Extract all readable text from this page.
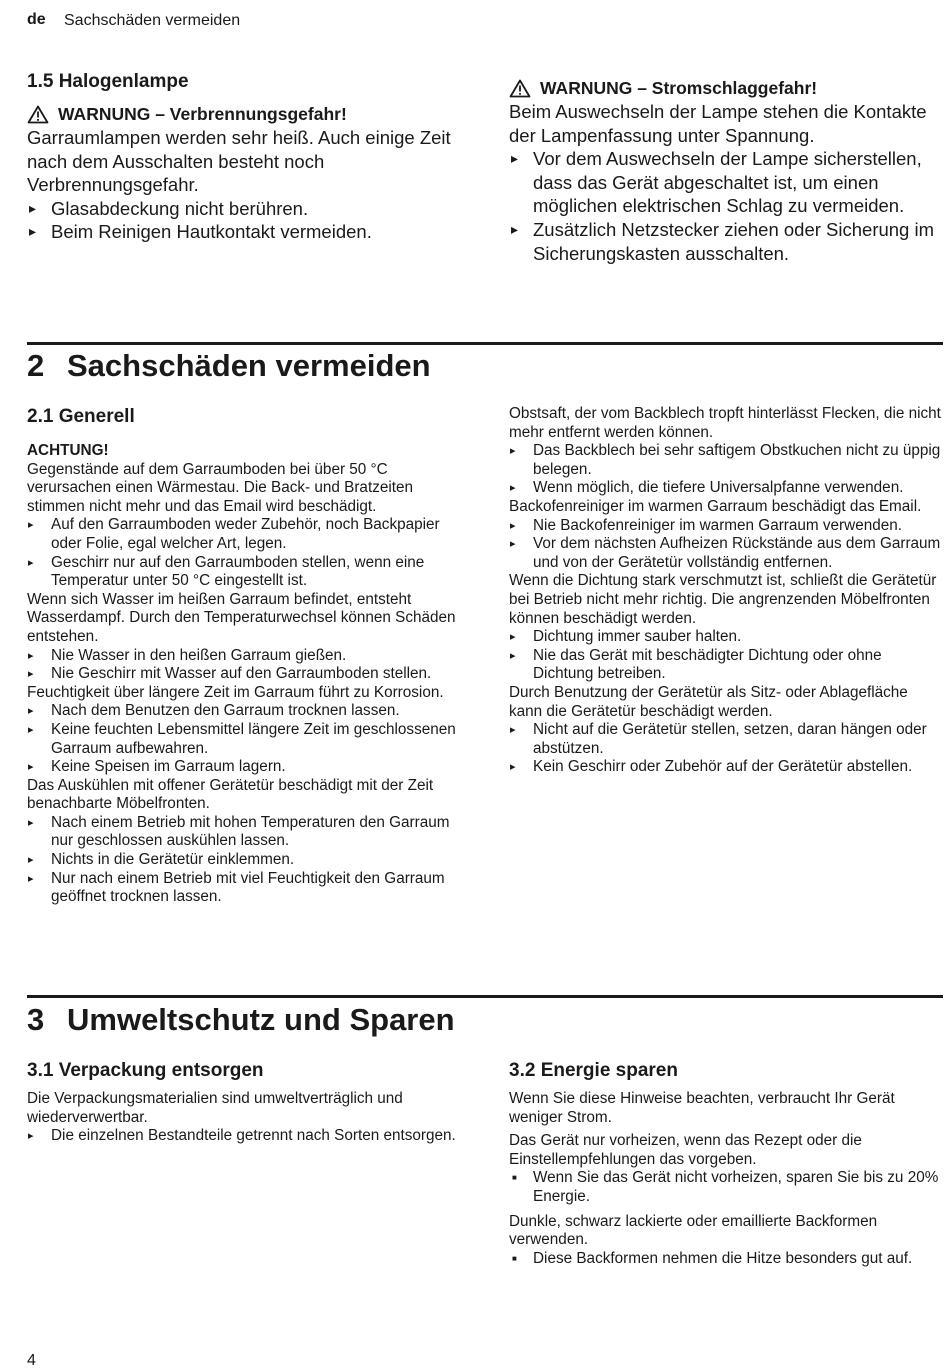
de Sachschäden vermeiden
1.5 Halogenlampe
WARNUNG – Verbrennungsgefahr!

Garraumlampen werden sehr heiß. Auch einige Zeit nach dem Ausschalten besteht noch Verbrennungsgefahr.

▸ Glasabdeckung nicht berühren.
▸ Beim Reinigen Hautkontakt vermeiden.
WARNUNG – Stromschlaggefahr!

Beim Auswechseln der Lampe stehen die Kontakte der Lampenfassung unter Spannung.

▸ Vor dem Auswechseln der Lampe sicherstellen, dass das Gerät abgeschaltet ist, um einen möglichen elektrischen Schlag zu vermeiden.
▸ Zusätzlich Netzstecker ziehen oder Sicherung im Sicherungskasten ausschalten.
2 Sachschäden vermeiden
2.1 Generell
ACHTUNG!

Gegenstände auf dem Garraumboden bei über 50 °C verursachen einen Wärmestau. Die Back- und Bratzeiten stimmen nicht mehr und das Email wird beschädigt.

▸ Auf den Garraumboden weder Zubehör, noch Backpapier oder Folie, egal welcher Art, legen.
▸ Geschirr nur auf den Garraumboden stellen, wenn eine Temperatur unter 50 °C eingestellt ist.

Wenn sich Wasser im heißen Garraum befindet, entsteht Wasserdampf. Durch den Temperaturwechsel können Schäden entstehen.

▸ Nie Wasser in den heißen Garraum gießen.
▸ Nie Geschirr mit Wasser auf den Garraumboden stellen.

Feuchtigkeit über längere Zeit im Garraum führt zu Korrosion.

▸ Nach dem Benutzen den Garraum trocknen lassen.
▸ Keine feuchten Lebensmittel längere Zeit im geschlossenen Garraum aufbewahren.
▸ Keine Speisen im Garraum lagern.

Das Auskühlen mit offener Gerätetür beschädigt mit der Zeit benachbarte Möbelfronten.

▸ Nach einem Betrieb mit hohen Temperaturen den Garraum nur geschlossen auskühlen lassen.
▸ Nichts in die Gerätetür einklemmen.
▸ Nur nach einem Betrieb mit viel Feuchtigkeit den Garraum geöffnet trocknen lassen.

Obstsaft, der vom Backblech tropft hinterlässt Flecken, die nicht mehr entfernt werden können.

▸ Das Backblech bei sehr saftigem Obstkuchen nicht zu üppig belegen.
▸ Wenn möglich, die tiefere Universalpfanne verwenden.

Backofenreiniger im warmen Garraum beschädigt das Email.

▸ Nie Backofenreiniger im warmen Garraum verwenden.
▸ Vor dem nächsten Aufheizen Rückstände aus dem Garraum und von der Gerätetür vollständig entfernen.

Wenn die Dichtung stark verschmutzt ist, schließt die Gerätetür bei Betrieb nicht mehr richtig. Die angrenzenden Möbelfronten können beschädigt werden.

▸ Dichtung immer sauber halten.
▸ Nie das Gerät mit beschädigter Dichtung oder ohne Dichtung betreiben.

Durch Benutzung der Gerätetür als Sitz- oder Ablagefläche kann die Gerätetür beschädigt werden.

▸ Nicht auf die Gerätetür stellen, setzen, daran hängen oder abstützen.
▸ Kein Geschirr oder Zubehör auf der Gerätetür abstellen.
3 Umweltschutz und Sparen
3.1 Verpackung entsorgen

Die Verpackungsmaterialien sind umweltverträglich und wiederverwertbar.

▸ Die einzelnen Bestandteile getrennt nach Sorten entsorgen.
3.2 Energie sparen

Wenn Sie diese Hinweise beachten, verbraucht Ihr Gerät weniger Strom.

Das Gerät nur vorheizen, wenn das Rezept oder die Einstellempfehlungen das vorgeben.

■ Wenn Sie das Gerät nicht vorheizen, sparen Sie bis zu 20% Energie.

Dunkle, schwarz lackierte oder emaillierte Backformen verwenden.

■ Diese Backformen nehmen die Hitze besonders gut auf.
4
